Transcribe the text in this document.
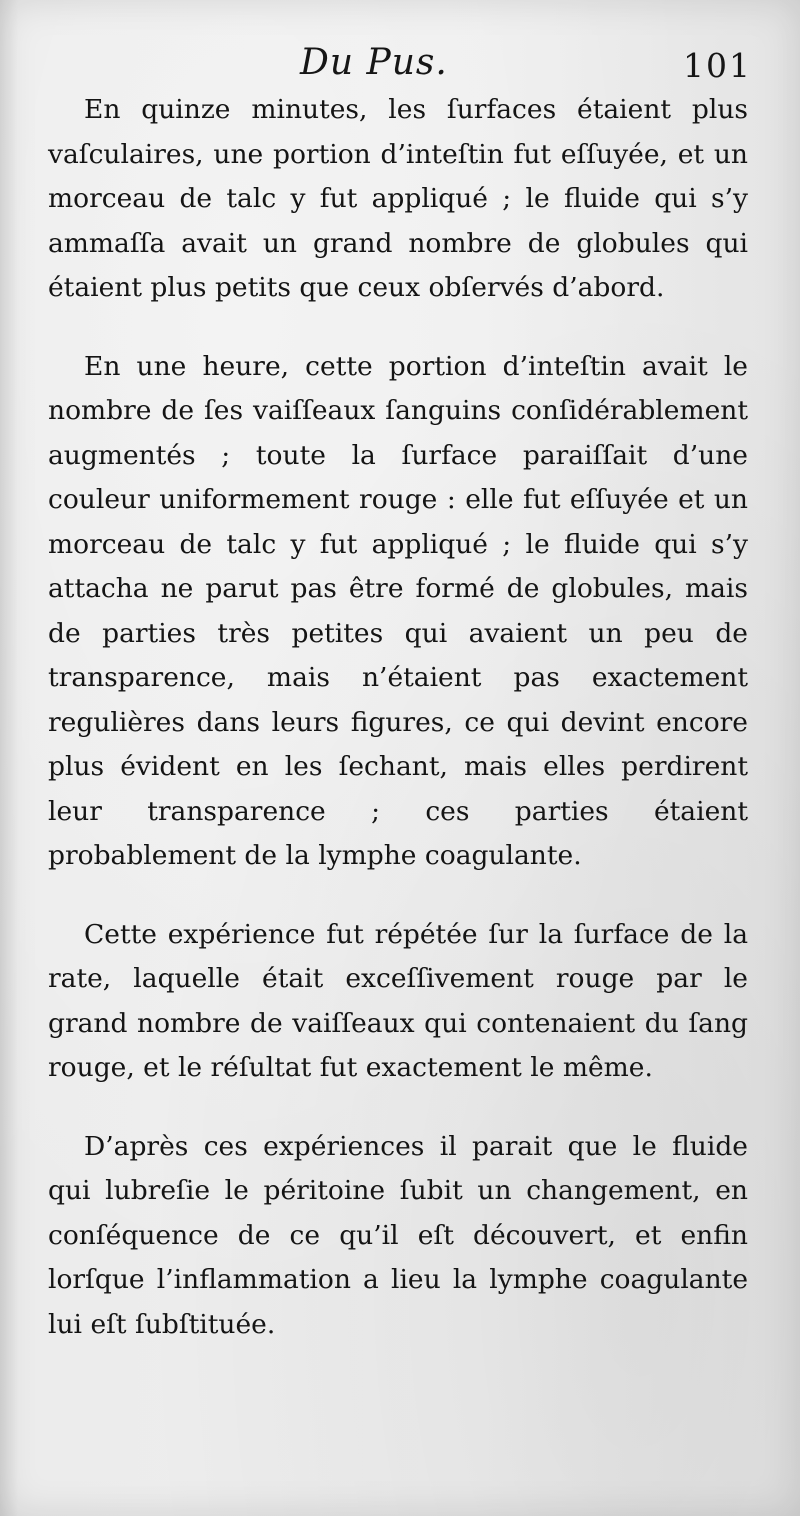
Du Pus.	101

En quinze minutes, les ſurfaces étaient plus vaſculaires, une portion d’inteſtin fut eſſuyée, et un morceau de talc y fut appliqué ; le fluide qui s’y ammaſſa avait un grand nombre de globules qui étaient plus petits que ceux obſervés d’abord.

En une heure, cette portion d’inteſtin avait le nombre de ſes vaiſſeaux ſanguins conſidérablement augmentés ; toute la ſurface paraiſſait d’une couleur uniformement rouge : elle fut eſſuyée et un morceau de talc y fut appliqué ; le fluide qui s’y attacha ne parut pas être formé de globules, mais de parties très petites qui avaient un peu de transparence, mais n’étaient pas exactement regulières dans leurs figures, ce qui devint encore plus évident en les ſechant, mais elles perdirent leur transparence ; ces parties étaient probablement de la lymphe coagulante.

Cette expérience fut répétée ſur la ſurface de la rate, laquelle était exceſſivement rouge par le grand nombre de vaiſſeaux qui contenaient du ſang rouge, et le réſultat fut exactement le même.

D’après ces expériences il parait que le fluide qui lubreſie le péritoine ſubit un changement, en conſéquence de ce qu’il eſt découvert, et enfin lorſque l’inflammation a lieu la lymphe coagulante lui eſt ſubſtituée.
